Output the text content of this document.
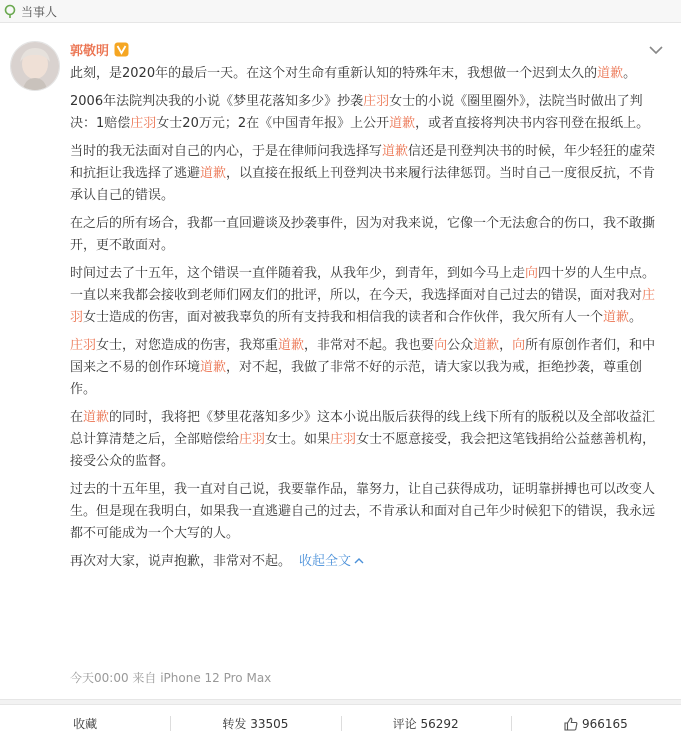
当事人
郭敬明

此刻，是2020年的最后一天。在这个对生命有重新认知的特殊年末，我想做一个迟到太久的道歉。

2006年法院判决我的小说《梦里花落知多少》抄袭庄羽女士的小说《圈里圈外》，法院当时做出了判决：1赔偿庄羽女士20万元；2在《中国青年报》上公开道歉，或者直接将判决书内容刊登在报纸上。

当时的我无法面对自己的内心，于是在律师问我选择写道歉信还是刊登判决书的时候，年少轻狂的虚荣和抗拒让我选择了逃避道歉，以直接在报纸上刊登判决书来履行法律惩罚。当时自己一度很反抗，不肯承认自己的错误。

在之后的所有场合，我都一直回避谈及抄袭事件，因为对我来说，它像一个无法愈合的伤口，我不敢撕开，更不敢面对。

时间过去了十五年，这个错误一直伴随着我，从我年少，到青年，到如今马上走向四十岁的人生中点。一直以来我都会接收到老师们网友们的批评，所以，在今天，我选择面对自己过去的错误，面对我对庄羽女士造成的伤害，面对被我辜负的所有支持我和相信我的读者和合作伙伴，我欠所有人一个道歉。

庄羽女士，对您造成的伤害，我郑重道歉，非常对不起。我也要向公众道歉，向所有原创作者们，和中国来之不易的创作环境道歉，对不起，我做了非常不好的示范，请大家以我为戒，拒绝抄袭，尊重创作。

在道歉的同时，我将把《梦里花落知多少》这本小说出版后获得的线上线下所有的版税以及全部收益汇总计算清楚之后，全部赔偿给庄羽女士。如果庄羽女士不愿意接受，我会把这笔钱捐给公益慈善机构，接受公众的监督。

过去的十五年里，我一直对自己说，我要靠作品，靠努力，让自己获得成功，证明靠拼搏也可以改变人生。但是现在我明白，如果我一直逃避自己的过去，不肯承认和面对自己年少时候犯下的错误，我永远都不可能成为一个大写的人。

再次对大家，说声抱歉，非常对不起。 收起全文

今天00:00 来自 iPhone 12 Pro Max
收藏	转发 33505	评论 56292	966165
